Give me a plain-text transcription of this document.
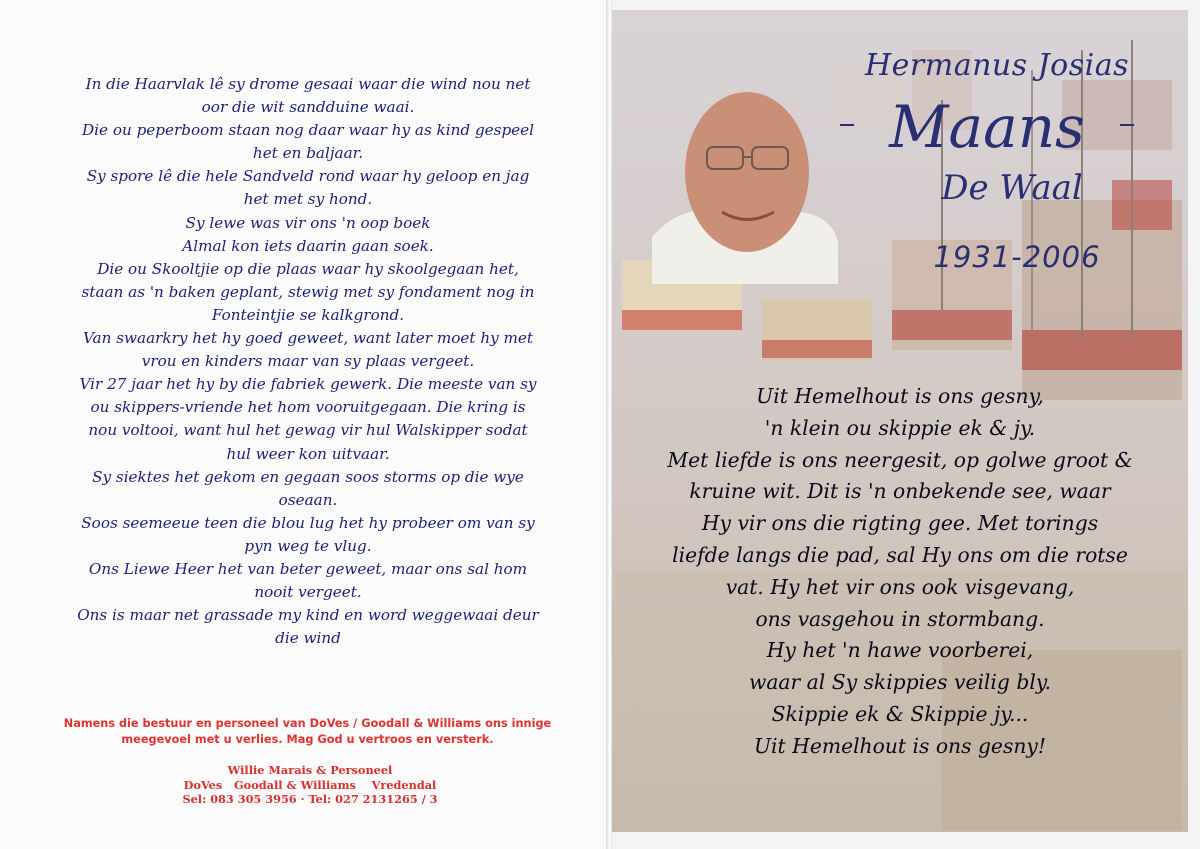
In die Haarvlak lê sy drome gesaai waar die wind nou net

oor die wit sandduine waai.

Die ou peperboom staan nog daar waar hy as kind gespeel

het en baljaar.

Sy spore lê die hele Sandveld rond waar hy geloop en jag

het met sy hond.

Sy lewe was vir ons 'n oop boek

Almal kon iets daarin gaan soek.

Die ou Skooltjie op die plaas waar hy skoolgegaan het,

staan as 'n baken geplant, stewig met sy fondament nog in

Fonteintjie se kalkgrond.

Van swaarkry het hy goed geweet, want later moet hy met

vrou en kinders maar van sy plaas vergeet.

Vir 27 jaar het hy by die fabriek gewerk. Die meeste van sy

ou skippers-vriende het hom vooruitgegaan. Die kring is

nou voltooi, want hul het gewag vir hul Walskipper sodat

hul weer kon uitvaar.

Sy siektes het gekom en gegaan soos storms op die wye

oseaan.

Soos seemeeue teen die blou lug het hy probeer om van sy

pyn weg te vlug.

Ons Liewe Heer het van beter geweet, maar ons sal hom

nooit vergeet.

Ons is maar net grassade my kind en word weggewaai deur

die wind

Namens die bestuur en personeel van DoVes / Goodall & Williams ons innige meegevoel met u verlies. Mag God u vertroos en versterk.

Willie Marais & Personeel

DoVes   Goodall & Williams    Vredendal

Sel: 083 305 3956 · Tel: 027 2131265 / 3

Hermanus Josias
Maans
De Waal
1931-2006

Uit Hemelhout is ons gesny,

'n klein ou skippie ek & jy.

Met liefde is ons neergesit, op golwe groot &

kruine wit. Dit is 'n onbekende see, waar

Hy vir ons die rigting gee. Met torings

liefde langs die pad, sal Hy ons om die rotse

vat. Hy het vir ons ook visgevang,

ons vasgehou in stormbang.

Hy het 'n hawe voorberei,

waar al Sy skippies veilig bly.

Skippie ek & Skippie jy...

Uit Hemelhout is ons gesny!
